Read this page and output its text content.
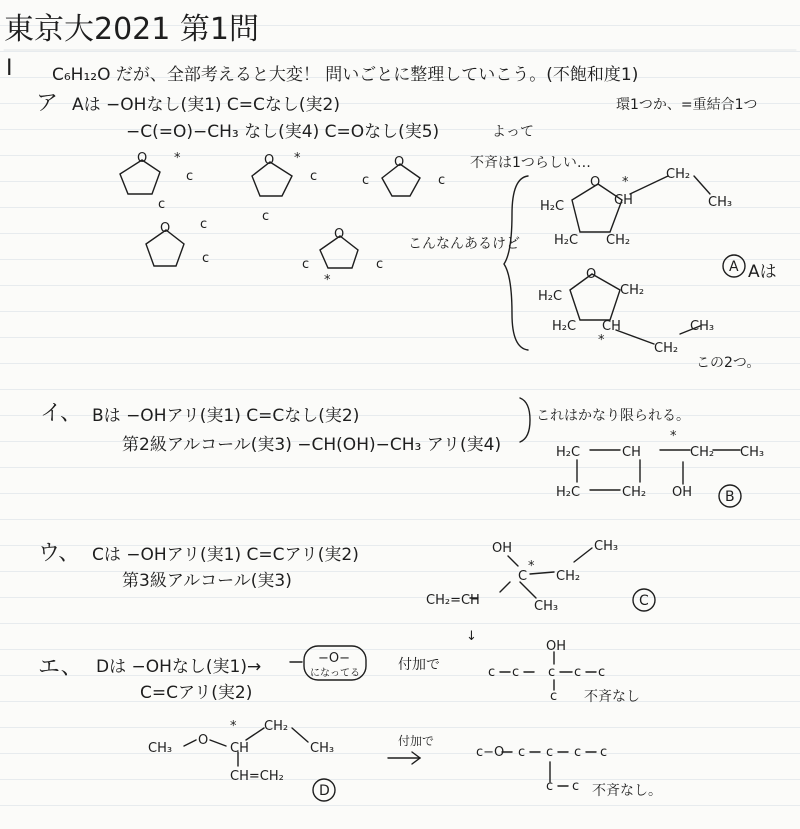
東京大2021 第1問
I C₆H₁₂O だが、全部考えると大変！ 問いごとに整理していこう。(不飽和度1)
ア Aは −OHなし(実1) C=Cなし(実2)	環1つか、=重結合1つ
−C(=O)−CH₃ なし(実4) C=Oなし(実5)	よって
不斉は1つらしい…
こんなんあるけど
Aは
この2つ。
イ、 Bは −OHアリ(実1) C=Cなし(実2)
第2級アルコール(実3) −CH(OH)−CH₃ アリ(実4)
これはかなり限られる。
ウ、 Cは −OHアリ(実1) C=Cアリ(実2)
第3級アルコール(実3)
エ、 Dは −OHなし(実1)→
C=Cアリ(実2)
付加で
不斉なし
付加で
不斉なし。
O *
c
c
O *
c
c
O
c	c
O c
c
O
c	c
*
O *
CH
CH₂
CH₃
H₂C
H₂C CH₂
O
CH₂
H₂C
H₂C CH
*
CH₂
CH₃
A
H₂C	CH
*
CH₂ CH₃
H₂C	CH₂ OH B
OH
C
*
CH₂
CH₃
CH₂=CH	CH₃	C
−O−
になってる
↓
OH
c c c c c
c
CH₃
O
*
CH
CH₂
CH₃
CH=CH₂
D
c−O c c c c
c c
